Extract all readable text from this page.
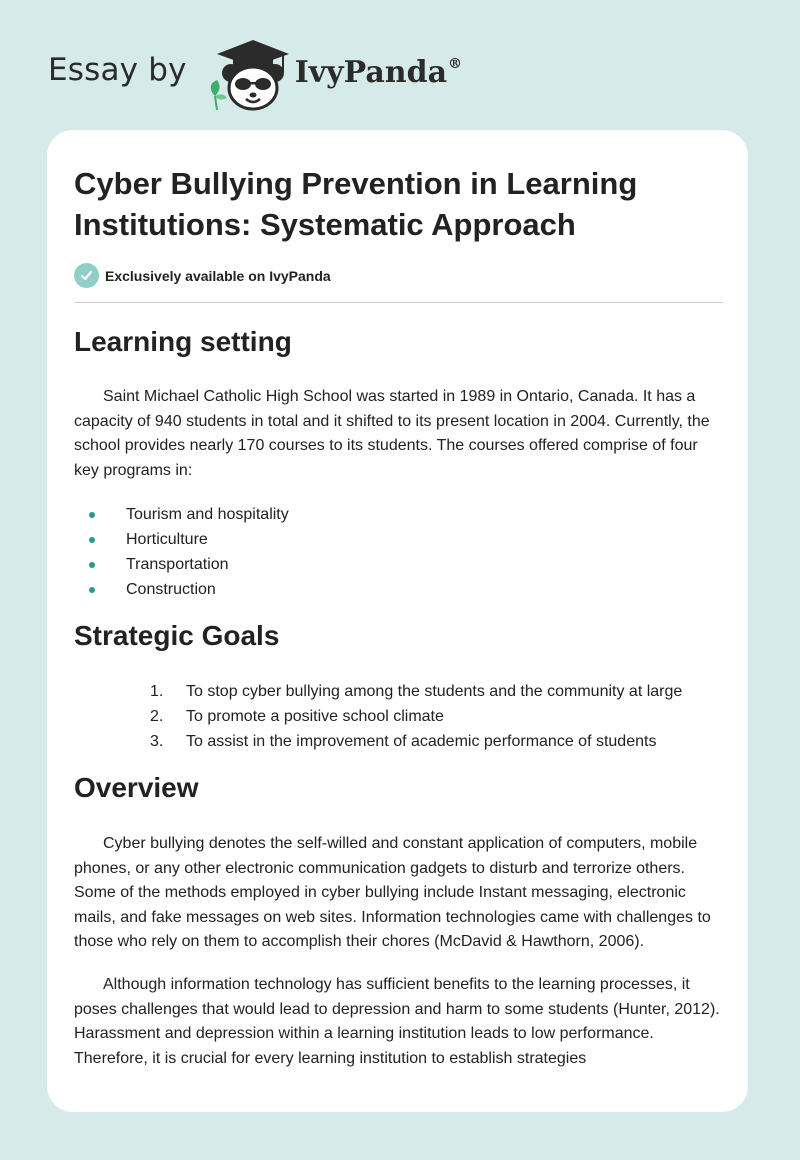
Essay by	IvyPanda®
Cyber Bullying Prevention in Learning
Institutions: Systematic Approach
Exclusively available on IvyPanda
Learning setting

Saint Michael Catholic High School was started in 1989 in Ontario, Canada. It has a capacity of 940 students in total and it shifted to its present location in 2004. Currently, the school provides nearly 170 courses to its students. The courses offered comprise of four key programs in:

Tourism and hospitality
Horticulture
Transportation
Construction
Strategic Goals
1. To stop cyber bullying among the students and the community at large
2. To promote a positive school climate
3. To assist in the improvement of academic performance of students
Overview

Cyber bullying denotes the self-willed and constant application of computers, mobile phones, or any other electronic communication gadgets to disturb and terrorize others. Some of the methods employed in cyber bullying include Instant messaging, electronic mails, and fake messages on web sites. Information technologies came with challenges to those who rely on them to accomplish their chores (McDavid & Hawthorn, 2006).

Although information technology has sufficient benefits to the learning processes, it poses challenges that would lead to depression and harm to some students (Hunter, 2012). Harassment and depression within a learning institution leads to low performance. Therefore, it is crucial for every learning institution to establish strategies
